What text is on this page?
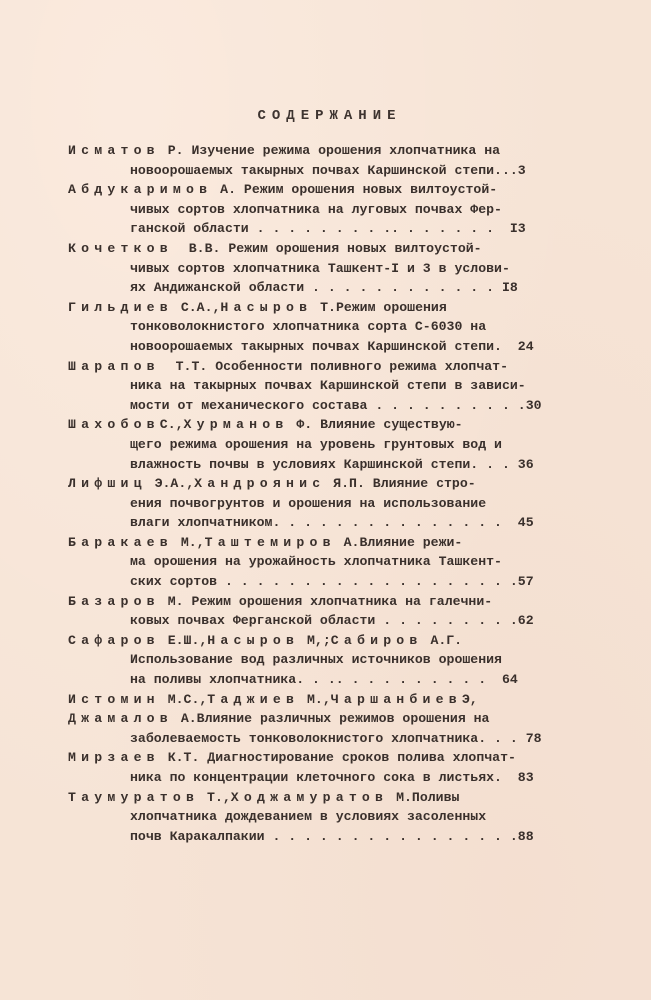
СОДЕРЖАНИЕ
Исматов Р. Изучение режима орошения хлопчатника на
новоорошаемых такырных почвах Каршинской степи...3
Абдукаримов А. Режим орошения новых вилтоустой-
чивых сортов хлопчатника на луговых почвах Фер-
ганской области . . . . . . . . .. . . . . . .  I3
Кочетков  В.В. Режим орошения новых вилтоустой-
чивых сортов хлопчатника Ташкент-I и 3 в услови-
ях Андижанской области . . . . . . . . . . . . I8
Гильдиев С.А.,Насыров Т.Режим орошения
тонковолокнистого хлопчатника сорта С-6030 на
новоорошаемых такырных почвах Каршинской степи.  24
Шарапов  Т.Т. Особенности поливного режима хлопчат-
ника на такырных почвах Каршинской степи в зависи-
мости от механического состава . . . . . . . . . .30
ШахобовС.,Хурманов Ф. Влияние существую-
щего режима орошения на уровень грунтовых вод и
влажность почвы в условиях Каршинской степи. . . 36
Лифшиц Э.А.,Хандроянис Я.П. Влияние стро-
ения почвогрунтов и орошения на использование
влаги хлопчатником. . . . . . . . . . . . . . .  45
Баракаев М.,Таштемиров А.Влияние режи-
ма орошения на урожайность хлопчатника Ташкент-
ских сортов . . . . . . . . . . . . . . . . . . .57
Базаров М. Режим орошения хлопчатника на галечни-
ковых почвах Ферганской области . . . . . . . . .62
Сафаров Е.Ш.,Насыров М,;Сабиров А.Г.
Использование вод различных источников орошения
на поливы хлопчатника. . .. . . . . . . . . .  64
Истомин М.С.,Таджиев М.,ЧаршанбиевЭ,
Джамалов А.Влияние различных режимов орошения на
заболеваемость тонковолокнистого хлопчатника. . . 78
Мирзаев К.Т. Диагностирование сроков полива хлопчат-
ника по концентрации клеточного сока в листьях.  83
Таумуратов Т.,Ходжамуратов М.Поливы
хлопчатника дождеванием в условиях засоленных
почв Каракалпакии . . . . . . . . . . . . . . . .88
